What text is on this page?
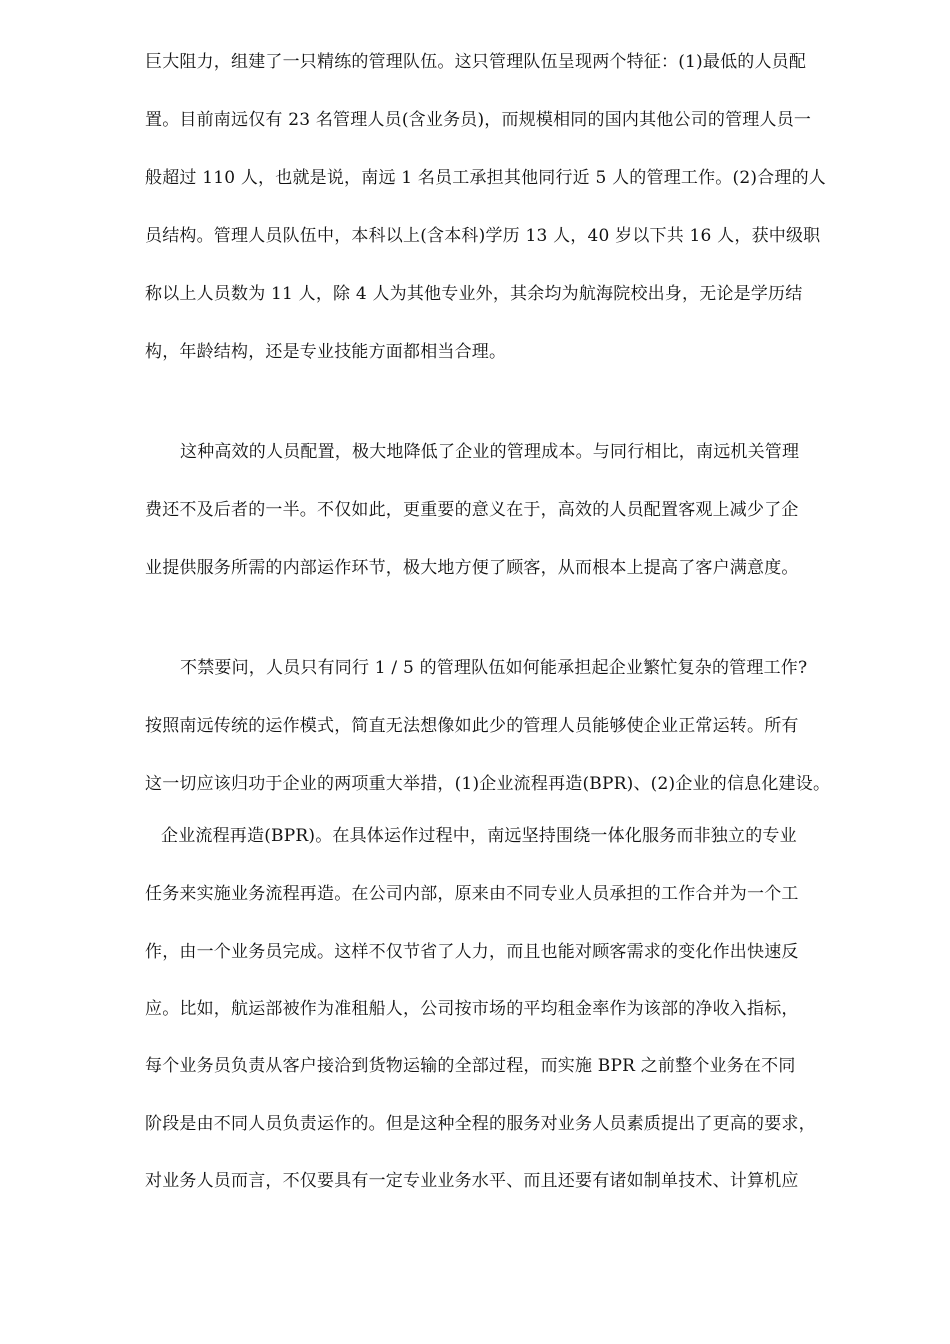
巨大阻力，组建了一只精练的管理队伍。这只管理队伍呈现两个特征：(1)最低的人员配
置。目前南远仅有 23 名管理人员(含业务员)，而规模相同的国内其他公司的管理人员一
般超过 110 人，也就是说，南远 1 名员工承担其他同行近 5 人的管理工作。(2)合理的人
员结构。管理人员队伍中，本科以上(含本科)学历 13 人，40 岁以下共 16 人，获中级职
称以上人员数为 11 人，除 4 人为其他专业外，其余均为航海院校出身，无论是学历结
构，年龄结构，还是专业技能方面都相当合理。
这种高效的人员配置，极大地降低了企业的管理成本。与同行相比，南远机关管理
费还不及后者的一半。不仅如此，更重要的意义在于，高效的人员配置客观上减少了企
业提供服务所需的内部运作环节，极大地方便了顾客，从而根本上提高了客户满意度。
不禁要问，人员只有同行 1 / 5 的管理队伍如何能承担起企业繁忙复杂的管理工作?
按照南远传统的运作模式，简直无法想像如此少的管理人员能够使企业正常运转。所有
这一切应该归功于企业的两项重大举措，(1)企业流程再造(BPR)、(2)企业的信息化建设。
企业流程再造(BPR)。在具体运作过程中，南远坚持围绕一体化服务而非独立的专业
任务来实施业务流程再造。在公司内部，原来由不同专业人员承担的工作合并为一个工
作，由一个业务员完成。这样不仅节省了人力，而且也能对顾客需求的变化作出快速反
应。比如，航运部被作为准租船人，公司按市场的平均租金率作为该部的净收入指标，
每个业务员负责从客户接洽到货物运输的全部过程，而实施 BPR 之前整个业务在不同
阶段是由不同人员负责运作的。但是这种全程的服务对业务人员素质提出了更高的要求，
对业务人员而言，不仅要具有一定专业业务水平、而且还要有诸如制单技术、计算机应
